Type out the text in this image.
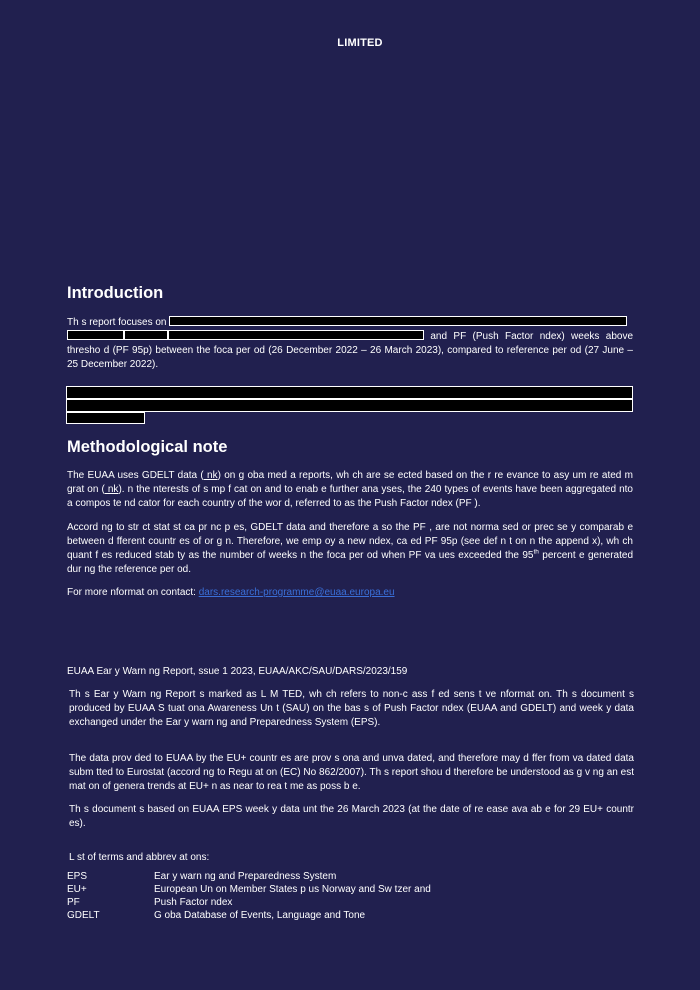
LIMITED
Introduction

Th s report focuses on
and PF (Push Factor ndex) weeks above thresho d (PF 95p) between the foca per od (26 December 2022 – 26 March 2023), compared to reference per od (27 June – 25 December 2022).

Methodological note

The EUAA uses GDELT data ( nk) on g oba med a reports, wh ch are se ected based on the r re evance to asy um re ated m grat on ( nk). n the nterests of s mp f cat on and to enab e further ana yses, the 240 types of events have been aggregated nto a compos te nd cator for each country of the wor d, referred to as the Push Factor ndex (PF ).

Accord ng to str ct stat st ca pr nc p es, GDELT data and therefore a so the PF , are not norma sed or prec se y comparab e between d fferent countr es of or g n. Therefore, we emp oy a new ndex, ca ed PF 95p (see def n t on n the append x), wh ch quant f es reduced stab ty as the number of weeks n the foca per od when PF va ues exceeded the 95th percent e generated dur ng the reference per od.

For more nformat on contact: dars.research-programme@euaa.europa.eu

EUAA Ear y Warn ng Report, ssue 1 2023, EUAA/AKC/SAU/DARS/2023/159

Th s Ear y Warn ng Report s marked as L M TED, wh ch refers to non-c ass f ed sens t ve nformat on. Th s document s produced by EUAA S tuat ona Awareness Un t (SAU) on the bas s of Push Factor ndex (EUAA and GDELT) and week y data exchanged under the Ear y warn ng and Preparedness System (EPS).

The data prov ded to EUAA by the EU+ countr es are prov s ona and unva dated, and therefore may d ffer from va dated data subm tted to Eurostat (accord ng to Regu at on (EC) No 862/2007). Th s report shou d therefore be understood as g v ng an est mat on of genera trends at EU+ n as near to rea t me as poss b e.

Th s document s based on EUAA EPS week y data unt the 26 March 2023 (at the date of re ease ava ab e for 29 EU+ countr es).

L st of terms and abbrev at ons:

EPS	Ear y warn ng and Preparedness System
EU+	European Un on Member States p us Norway and Sw tzer and
PF	Push Factor ndex
GDELT	G oba Database of Events, Language and Tone
